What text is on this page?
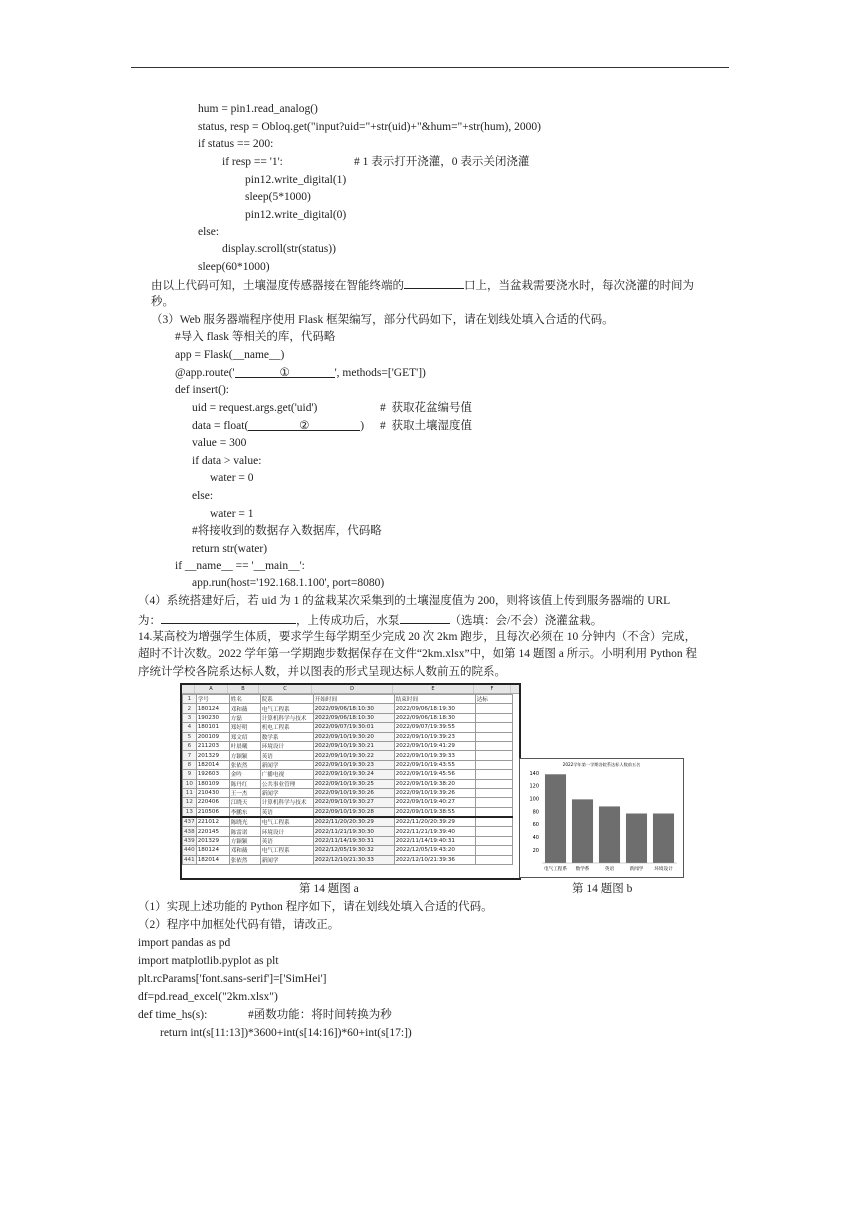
hum = pin1.read_analog()
status, resp = Obloq.get("input?uid="+str(uid)+"&hum="+str(hum), 2000)
if status == 200:
if resp == '1':	# 1 表示打开浇灌，0 表示关闭浇灌
pin12.write_digital(1)
sleep(5*1000)
pin12.write_digital(0)
else:
display.scroll(str(status))
sleep(60*1000)
由以上代码可知，土壤湿度传感器接在智能终端的	口上，当盆栽需要浇水时，每次浇灌的时间为
秒。
（3）Web 服务器端程序使用 Flask 框架编写，部分代码如下，请在划线处填入合适的代码。
#导入 flask 等相关的库，代码略
app = Flask(__name__)
@app.route('	①	', methods=['GET'])
def insert():
uid = request.args.get('uid')	#  获取花盆编号值
data = float(	②	) #  获取土壤湿度值
value = 300
if data > value:
water = 0
else:
water = 1
#将接收到的数据存入数据库，代码略
return str(water)
if __name__ == '__main__':
app.run(host='192.168.1.100', port=8080)
（4）系统搭建好后，若 uid 为 1 的盆栽某次采集到的土壤湿度值为 200，则将该值上传到服务器端的 URL
为：	，上传成功后，水泵	（选填：会/不会）浇灌盆栽。
14.某高校为增强学生体质，要求学生每学期至少完成 20 次 2km 跑步，且每次必须在 10 分钟内（不含）完成，
超时不计次数。2022 学年第一学期跑步数据保存在文件“2km.xlsx”中，如第 14 题图 a 所示。小明利用 Python 程
序统计学校各院系达标人数，并以图表的形式呈现达标人数前五的院系。
A	B	C	D	E	F
1	学号	姓名	院系	开始时间	结束时间	达标
2	180124	邓和薇	电气工程系	2022/09/06/18:10:30	2022/09/06/18:19:30	
3	190230	方磊	计算机科学与技术	2022/09/06/18:10:30	2022/09/06/18:18:30	
4	180101	郑好明	机电工程系	2022/09/07/19:30:01	2022/09/07/19:39:55	
5	200109	郑文绍	数学系	2022/09/10/19:30:20	2022/09/10/19:39:23	
6	211203	叶晨曦	环境设计	2022/09/10/19:30:21	2022/09/10/19:41:29	
7	201329	方颖颖	英语	2022/09/10/19:30:22	2022/09/10/19:39:33	
8	182014	张依然	新闻学	2022/09/10/19:30:23	2022/09/10/19:43:55	
9	192603	金吟	广播电视	2022/09/10/19:30:24	2022/09/10/19:45:56	
10	180109	陈丹红	公共事业管理	2022/09/10/19:30:25	2022/09/10/19:38:20	
11	210430	王一杰	新闻学	2022/09/10/19:30:26	2022/09/10/19:39:26	
12	220406	江晓天	计算机科学与技术	2022/09/10/19:30:27	2022/09/10/19:40:27	
13	210506	李鹏东	英语	2022/09/10/19:30:28	2022/09/10/19:38:55	
437	221012	陈晓光	电气工程系	2022/11/20/20:30:29	2022/11/20/20:39:29	
438	220145	陈雷诺	环境设计	2022/11/21/19:30:30	2022/11/21/19:39:40	
439	201329	方颖颖	英语	2022/11/14/19:30:31	2022/11/14/19:40:31	
440	180124	邓和薇	电气工程系	2022/12/05/19:30:32	2022/12/05/19:43:20	
441	182014	张依然	新闻学	2022/12/10/21:30:33	2022/12/10/21:39:36	
2022学年第一学期各院系达标人数前五名
20
40
60
80
100
120
140
电气工程系 数学系	英语	新闻学 环境设计
第 14 题图 a	第 14 题图 b
（1）实现上述功能的 Python 程序如下，请在划线处填入合适的代码。
（2）程序中加框处代码有错，请改正。
import pandas as pd
import matplotlib.pyplot as plt
plt.rcParams['font.sans-serif']=['SimHei']
df=pd.read_excel("2km.xlsx")
def time_hs(s):	#函数功能：将时间转换为秒
return int(s[11:13])*3600+int(s[14:16])*60+int(s[17:])
